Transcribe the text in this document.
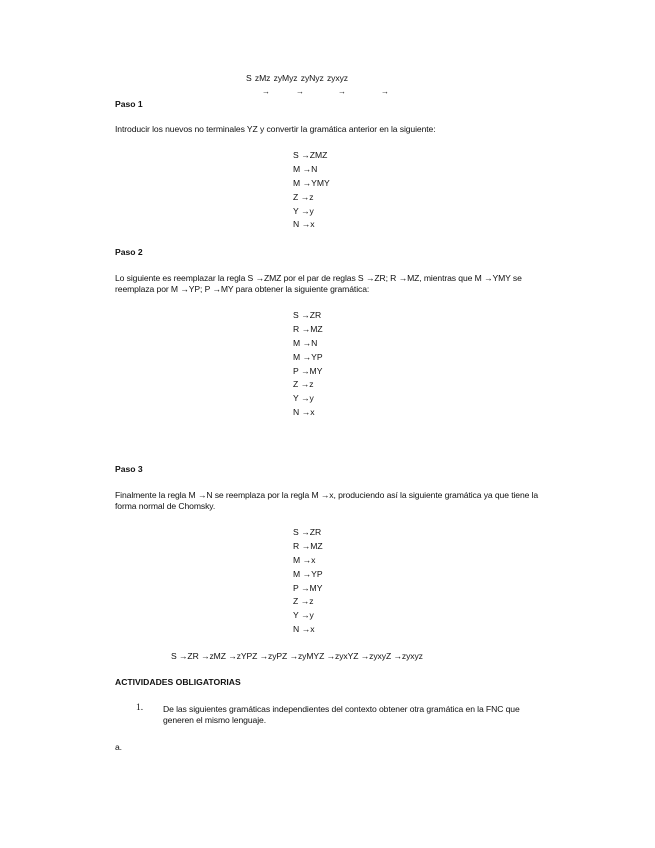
S zMz zyMyz zyNyz zyxyz
→	→	→	→
Paso 1
Introducir los nuevos no terminales YZ y convertir la gramática anterior en la siguiente:
S →ZMZ
M →N
M →YMY
Z →z
Y →y
N →x
Paso 2
Lo siguiente es reemplazar la regla S →ZMZ por el par de reglas S →ZR; R →MZ, mientras que M →YMY se reemplaza por M →YP; P →MY para obtener la siguiente gramática:
S →ZR
R →MZ
M →N
M →YP
P →MY
Z →z
Y →y
N →x
Paso 3
Finalmente la regla M →N se reemplaza por la regla M →x, produciendo así la siguiente gramática ya que tiene la forma normal de Chomsky.
S →ZR
R →MZ
M →x
M →YP
P →MY
Z →z
Y →y
N →x
S →ZR →zMZ →zYPZ →zyPZ →zyMYZ →zyxYZ →zyxyZ →zyxyz
ACTIVIDADES OBLIGATORIAS
1. De las siguientes gramáticas independientes del contexto obtener otra gramática en la FNC que generen el mismo lenguaje.
a.
